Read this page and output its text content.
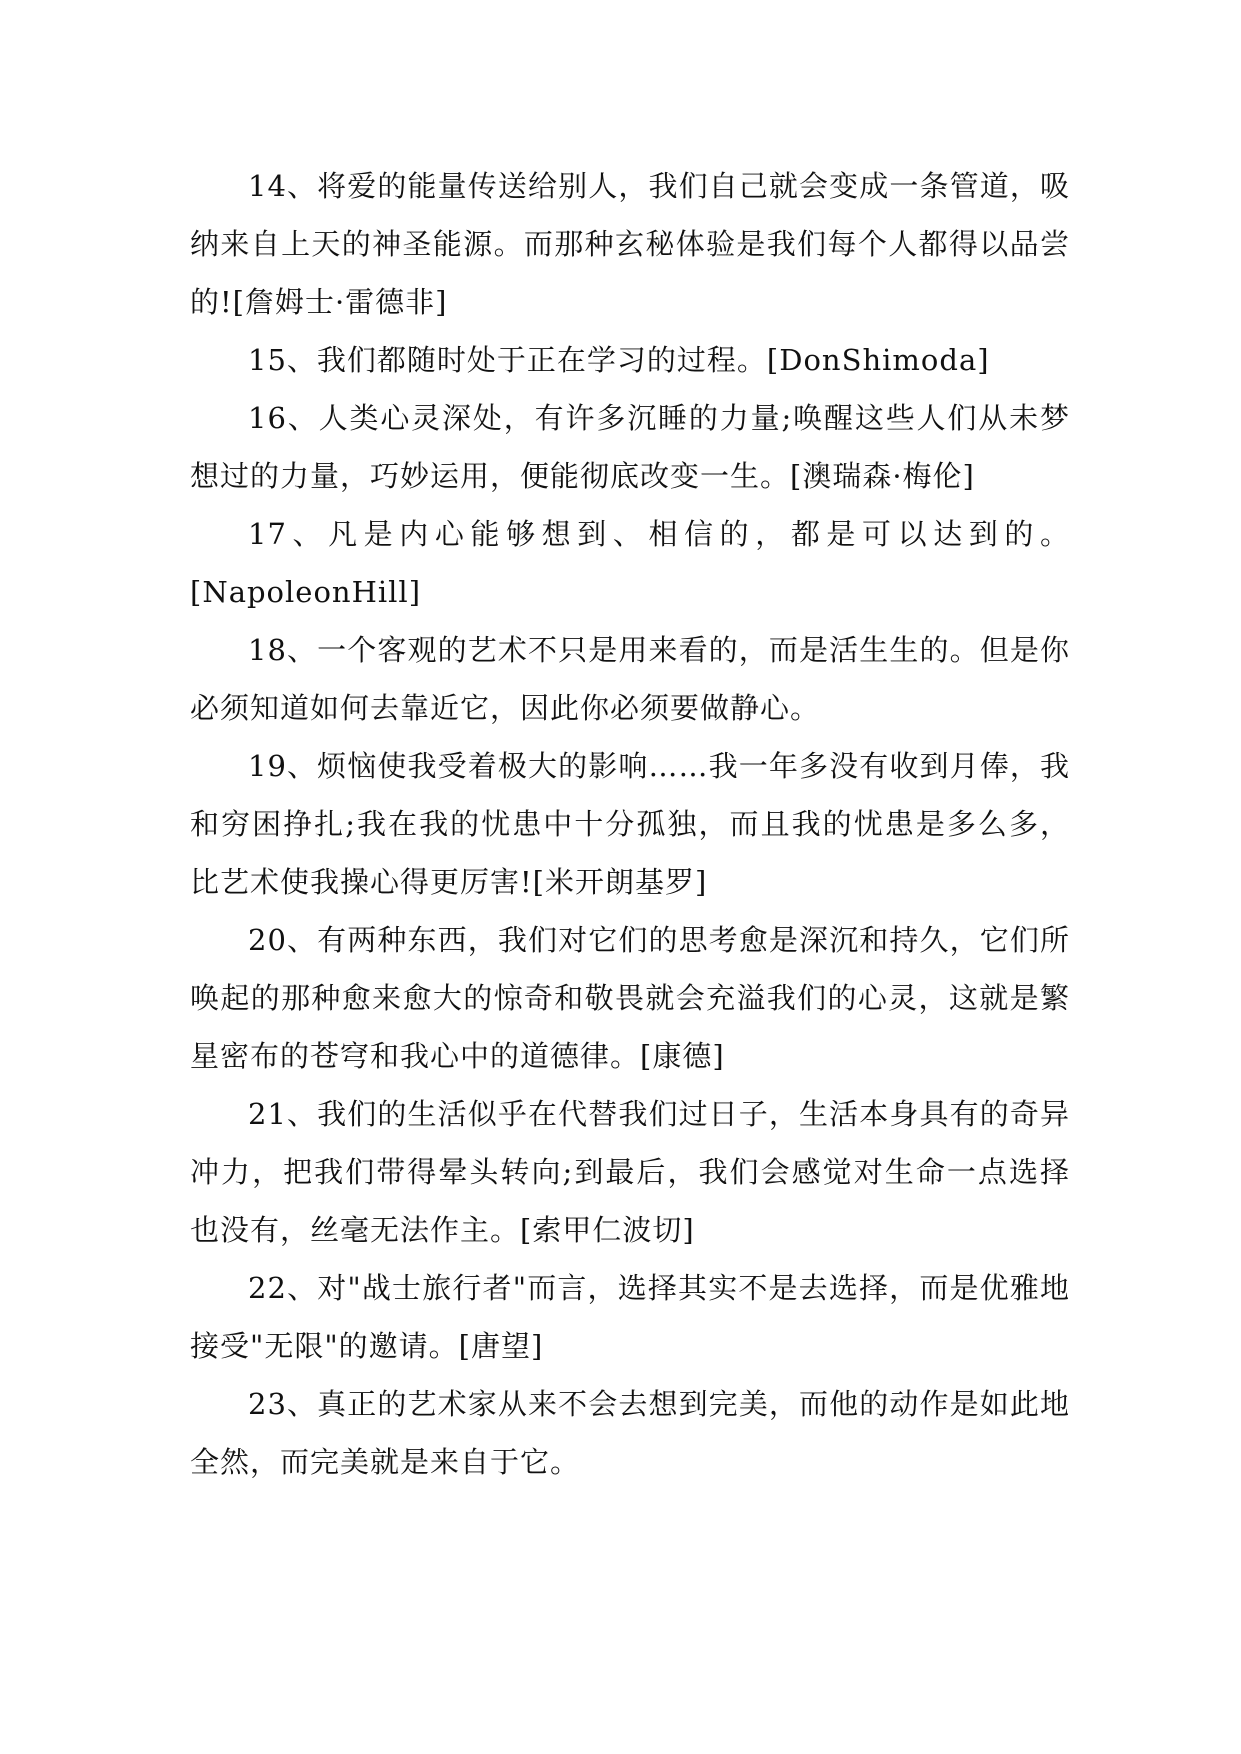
14、将爱的能量传送给别人，我们自己就会变成一条管道，吸纳来自上天的神圣能源。而那种玄秘体验是我们每个人都得以品尝的![詹姆士·雷德非]

15、我们都随时处于正在学习的过程。[DonShimoda]

16、人类心灵深处，有许多沉睡的力量;唤醒这些人们从未梦想过的力量，巧妙运用，便能彻底改变一生。[澳瑞森·梅伦]

17、凡是内心能够想到、相信的，都是可以达到的。[NapoleonHill]

18、一个客观的艺术不只是用来看的，而是活生生的。但是你必须知道如何去靠近它，因此你必须要做静心。

19、烦恼使我受着极大的影响……我一年多没有收到月俸，我和穷困挣扎;我在我的忧患中十分孤独，而且我的忧患是多么多，比艺术使我操心得更厉害![米开朗基罗]

20、有两种东西，我们对它们的思考愈是深沉和持久，它们所唤起的那种愈来愈大的惊奇和敬畏就会充溢我们的心灵，这就是繁星密布的苍穹和我心中的道德律。[康德]

21、我们的生活似乎在代替我们过日子，生活本身具有的奇异冲力，把我们带得晕头转向;到最后，我们会感觉对生命一点选择也没有，丝毫无法作主。[索甲仁波切]

22、对"战士旅行者"而言，选择其实不是去选择，而是优雅地接受"无限"的邀请。[唐望]

23、真正的艺术家从来不会去想到完美，而他的动作是如此地全然，而完美就是来自于它。
